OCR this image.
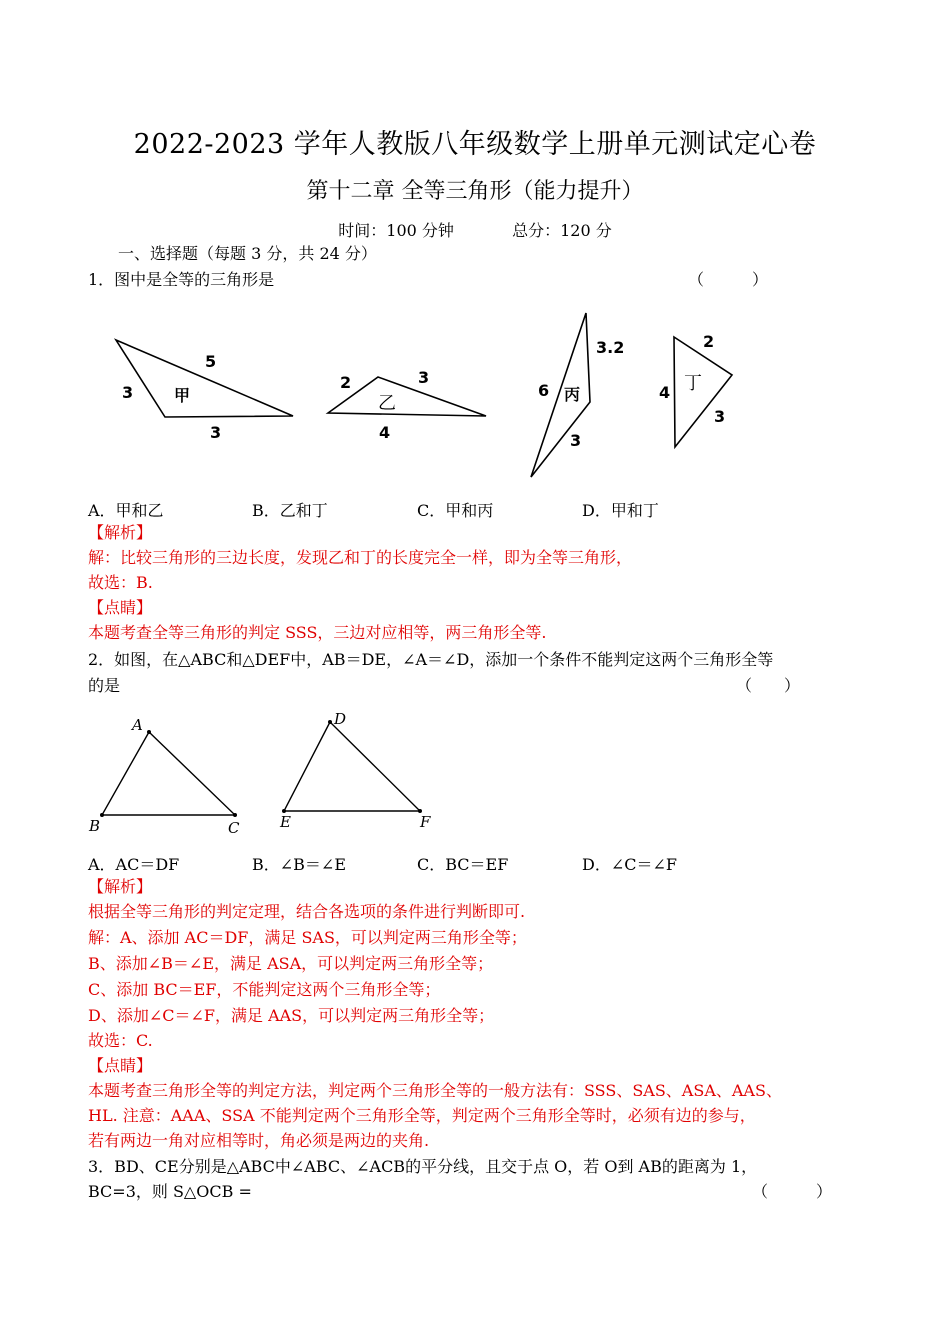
2022-2023 学年人教版八年级数学上册单元测试定心卷
第十二章 全等三角形（能力提升）
时间：100 分钟	总分：120 分
一、选择题（每题 3 分，共 24 分）
1．图中是全等的三角形是	（　　　）
5
3
3
甲
2	3
4
乙
3.2
6
3
丙
2
4
3
丁
A．甲和乙	B．乙和丁	C．甲和丙	D．甲和丁
【解析】
解：比较三角形的三边长度，发现乙和丁的长度完全一样，即为全等三角形，
故选：B.
【点睛】
本题考查全等三角形的判定 SSS，三边对应相等，两三角形全等.
2．如图，在△ABC和△DEF中，AB＝DE，∠A＝∠D，添加一个条件不能判定这两个三角形全等
的是	（　　）
A
B	C
D
E	F
A．AC＝DF	B．∠B＝∠E	C．BC＝EF	D．∠C＝∠F
【解析】
根据全等三角形的判定定理，结合各选项的条件进行判断即可.
解：A、添加 AC＝DF，满足 SAS，可以判定两三角形全等；
B、添加∠B＝∠E，满足 ASA，可以判定两三角形全等；
C、添加 BC＝EF，不能判定这两个三角形全等；
D、添加∠C＝∠F，满足 AAS，可以判定两三角形全等；
故选：C.
【点睛】
本题考查三角形全等的判定方法，判定两个三角形全等的一般方法有：SSS、SAS、ASA、AAS、
HL. 注意：AAA、SSA 不能判定两个三角形全等，判定两个三角形全等时，必须有边的参与，
若有两边一角对应相等时，角必须是两边的夹角.
3．BD、CE分别是△ABC中∠ABC、∠ACB的平分线，且交于点 O，若 O到 AB的距离为 1，
BC=3，则 S△OCB =	（　　　）
